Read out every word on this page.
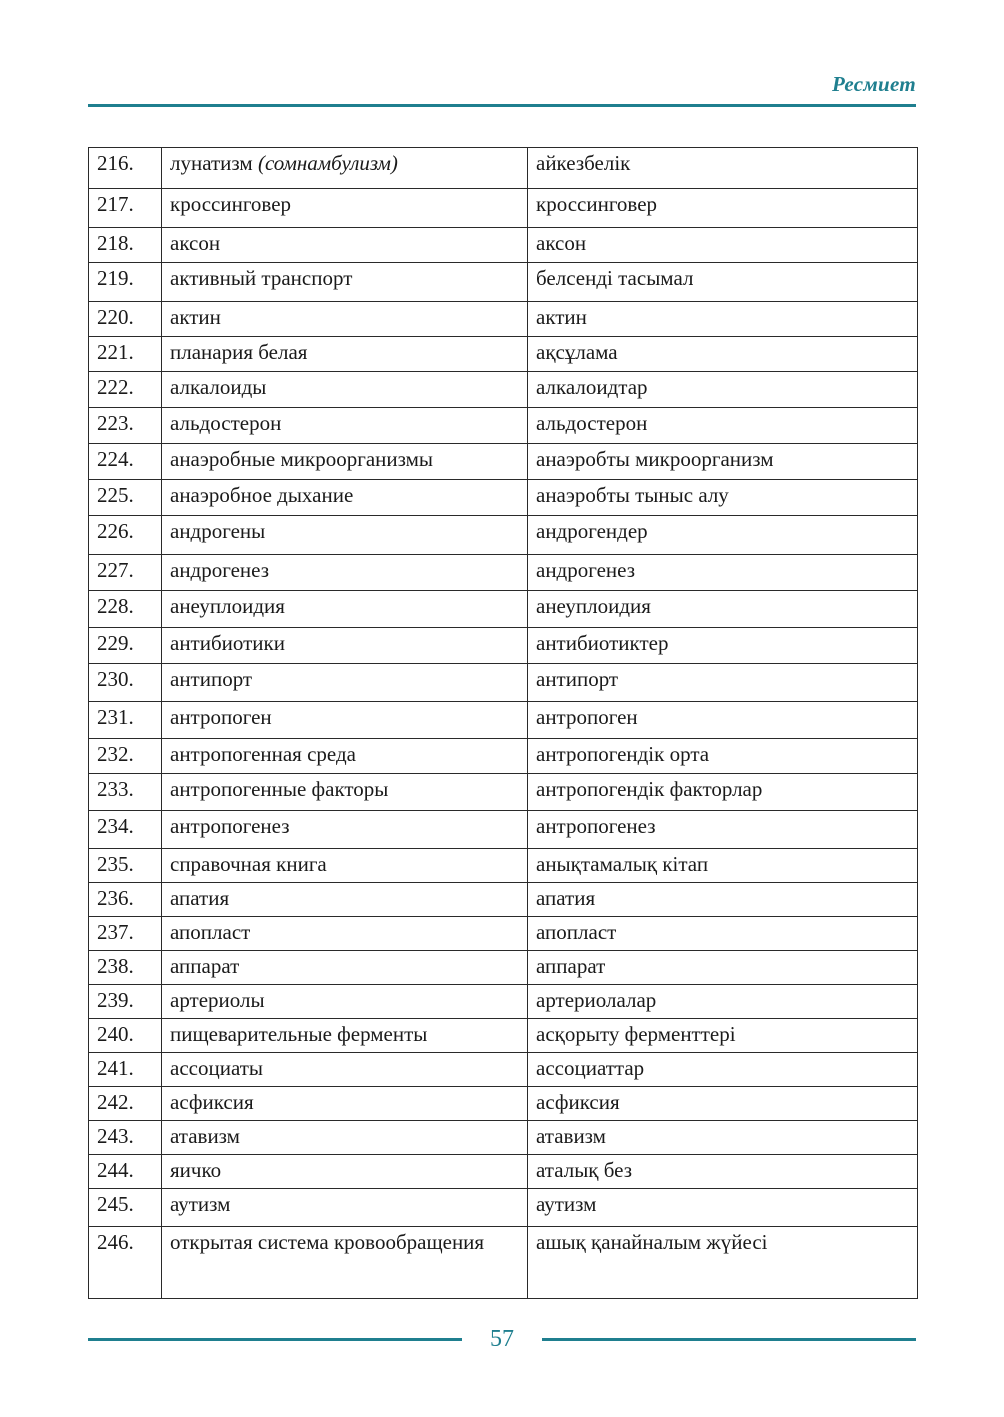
Ресмиет
216.	лунатизм (сомнамбулизм)	айкезбелік
217.	кроссинговер	кроссинговер
218.	аксон	аксон
219.	активный транспорт	белсенді тасымал
220.	актин	актин
221.	планария белая	ақсұлама
222.	алкалоиды	алкалоидтар
223.	альдостерон	альдостерон
224.	анаэробные микроорганизмы	анаэробты микроорганизм
225.	анаэробное дыхание	анаэробты тыныс алу
226.	андрогены	андрогендер
227.	андрогенез	андрогенез
228.	анеуплоидия	анеуплоидия
229.	антибиотики	антибиотиктер
230.	антипорт	антипорт
231.	антропоген	антропоген
232.	антропогенная среда	антропогендік орта
233.	антропогенные факторы	антропогендік факторлар
234.	антропогенез	антропогенез
235.	справочная книга	анықтамалық кітап
236.	апатия	апатия
237.	апопласт	апопласт
238.	аппарат	аппарат
239.	артериолы	артериолалар
240.	пищеварительные ферменты	асқорыту ферменттері
241.	ассоциаты	ассоциаттар
242.	асфиксия	асфиксия
243.	атавизм	атавизм
244.	яичко	аталық без
245.	аутизм	аутизм
246.	открытая система кровообращения	ашық қанайналым жүйесі
57
